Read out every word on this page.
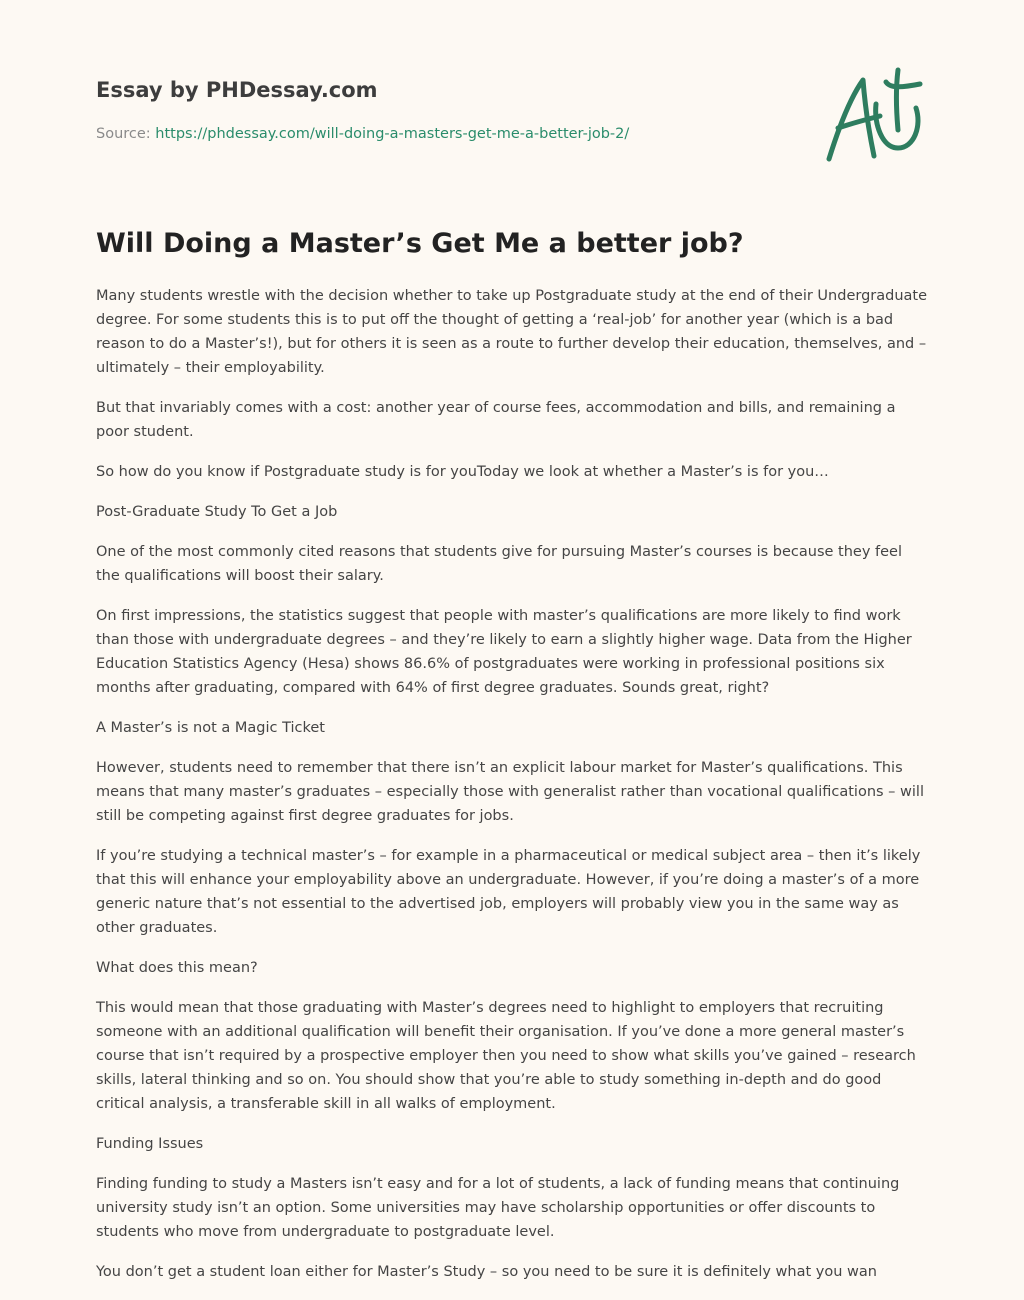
Essay by PHDessay.com
Source: https://phdessay.com/will-doing-a-masters-get-me-a-better-job-2/
Will Doing a Master’s Get Me a better job?

Many students wrestle with the decision whether to take up Postgraduate study at the end of their Undergraduate degree. For some students this is to put off the thought of getting a ‘real-job’ for another year (which is a bad reason to do a Master’s!), but for others it is seen as a route to further develop their education, themselves, and – ultimately – their employability.

But that invariably comes with a cost: another year of course fees, accommodation and bills, and remaining a poor student.

So how do you know if Postgraduate study is for youToday we look at whether a Master’s is for you…

Post-Graduate Study To Get a Job

One of the most commonly cited reasons that students give for pursuing Master’s courses is because they feel the qualifications will boost their salary.

On first impressions, the statistics suggest that people with master’s qualifications are more likely to find work than those with undergraduate degrees – and they’re likely to earn a slightly higher wage. Data from the Higher Education Statistics Agency (Hesa) shows 86.6% of postgraduates were working in professional positions six months after graduating, compared with 64% of first degree graduates. Sounds great, right?

A Master’s is not a Magic Ticket

However, students need to remember that there isn’t an explicit labour market for Master’s qualifications. This means that many master’s graduates – especially those with generalist rather than vocational qualifications – will still be competing against first degree graduates for jobs.

If you’re studying a technical master’s – for example in a pharmaceutical or medical subject area – then it’s likely that this will enhance your employability above an undergraduate. However, if you’re doing a master’s of a more generic nature that’s not essential to the advertised job, employers will probably view you in the same way as other graduates.

What does this mean?

This would mean that those graduating with Master’s degrees need to highlight to employers that recruiting someone with an additional qualification will benefit their organisation. If you’ve done a more general master’s course that isn’t required by a prospective employer then you need to show what skills you’ve gained – research skills, lateral thinking and so on. You should show that you’re able to study something in-depth and do good critical analysis, a transferable skill in all walks of employment.

Funding Issues

Finding funding to study a Masters isn’t easy and for a lot of students, a lack of funding means that continuing university study isn’t an option. Some universities may have scholarship opportunities or offer discounts to students who move from undergraduate to postgraduate level.

You don’t get a student loan either for Master’s Study – so you need to be sure it is definitely what you wan
